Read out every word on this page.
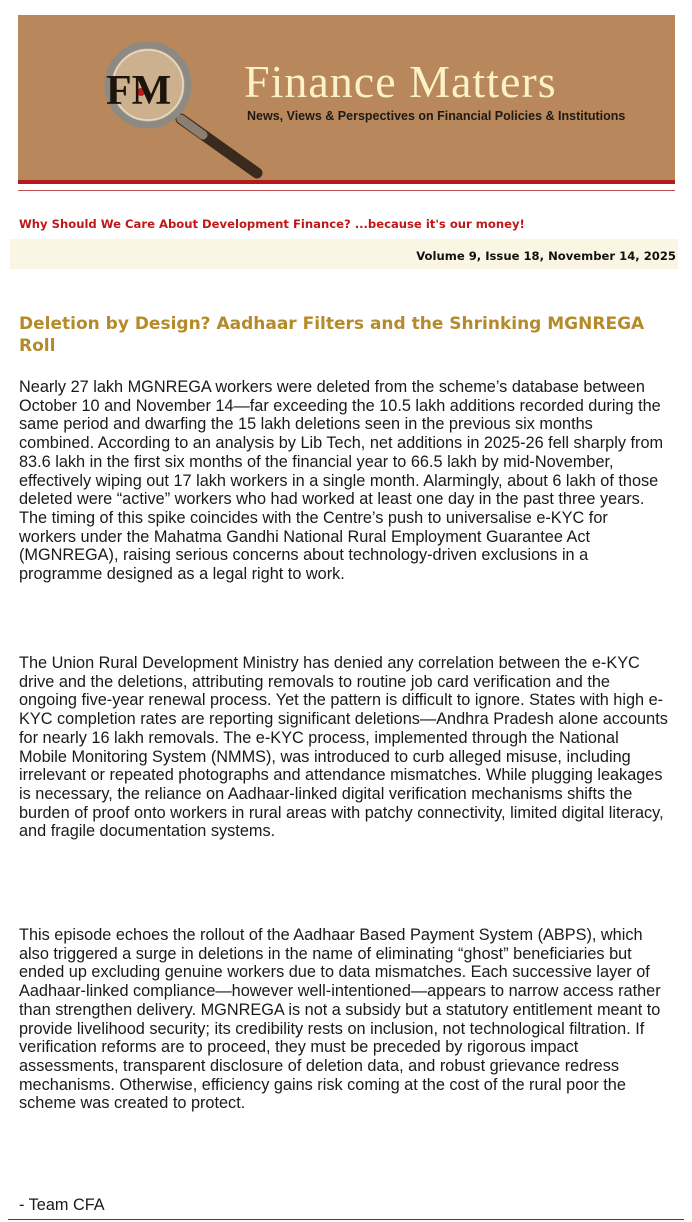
FM Finance Matters
News, Views & Perspectives on Financial Policies & Institutions
Why Should We Care About Development Finance? ...because it's our money!
Volume 9, Issue 18, November 14, 2025
Deletion by Design? Aadhaar Filters and the Shrinking MGNREGA Roll

Nearly 27 lakh MGNREGA workers were deleted from the scheme’s database between October 10 and November 14—far exceeding the 10.5 lakh additions recorded during the same period and dwarfing the 15 lakh deletions seen in the previous six months combined. According to an analysis by Lib Tech, net additions in 2025-26 fell sharply from 83.6 lakh in the first six months of the financial year to 66.5 lakh by mid-November, effectively wiping out 17 lakh workers in a single month. Alarmingly, about 6 lakh of those deleted were “active” workers who had worked at least one day in the past three years. The timing of this spike coincides with the Centre’s push to universalise e-KYC for workers under the Mahatma Gandhi National Rural Employment Guarantee Act (MGNREGA), raising serious concerns about technology-driven exclusions in a programme designed as a legal right to work.

The Union Rural Development Ministry has denied any correlation between the e-KYC drive and the deletions, attributing removals to routine job card verification and the ongoing five-year renewal process. Yet the pattern is difficult to ignore. States with high e-KYC completion rates are reporting significant deletions—Andhra Pradesh alone accounts for nearly 16 lakh removals. The e-KYC process, implemented through the National Mobile Monitoring System (NMMS), was introduced to curb alleged misuse, including irrelevant or repeated photographs and attendance mismatches. While plugging leakages is necessary, the reliance on Aadhaar-linked digital verification mechanisms shifts the burden of proof onto workers in rural areas with patchy connectivity, limited digital literacy, and fragile documentation systems.

This episode echoes the rollout of the Aadhaar Based Payment System (ABPS), which also triggered a surge in deletions in the name of eliminating “ghost” beneficiaries but ended up excluding genuine workers due to data mismatches. Each successive layer of Aadhaar-linked compliance—however well-intentioned—appears to narrow access rather than strengthen delivery. MGNREGA is not a subsidy but a statutory entitlement meant to provide livelihood security; its credibility rests on inclusion, not technological filtration. If verification reforms are to proceed, they must be preceded by rigorous impact assessments, transparent disclosure of deletion data, and robust grievance redress mechanisms. Otherwise, efficiency gains risk coming at the cost of the rural poor the scheme was created to protect.

- Team CFA
